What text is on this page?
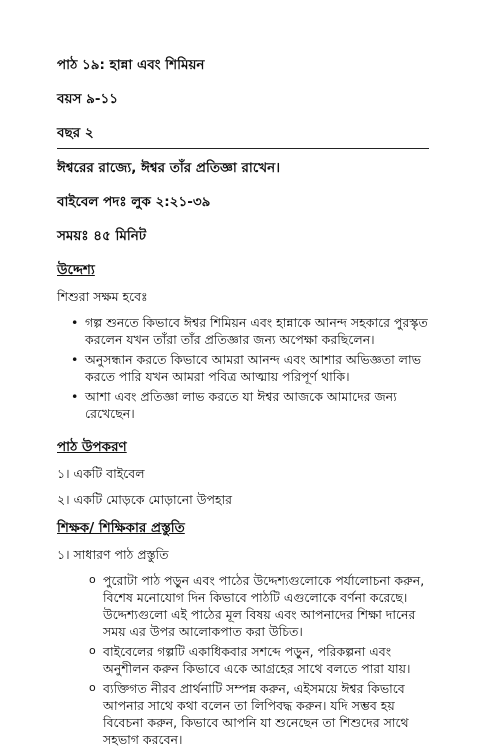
পাঠ ১৯: হান্না এবং শিমিয়ন

বয়স ৯-১১

বছর ২

ঈশ্বরের রাজ্যে, ঈশ্বর তাঁর প্রতিজ্ঞা রাখেন।

বাইবেল পদঃ লুক ২:২১-৩৯

সময়ঃ ৪৫ মিনিট

উদ্দেশ্য

শিশুরা সক্ষম হবেঃ

• গল্প শুনতে কিভাবে ঈশ্বর শিমিয়ন এবং হান্নাকে আনন্দ সহকারে পুরস্কৃত করলেন যখন তাঁরা তাঁর প্রতিজ্ঞার জন্য অপেক্ষা করছিলেন।
• অনুসন্ধান করতে কিভাবে আমরা আনন্দ এবং আশার অভিজ্ঞতা লাভ করতে পারি যখন আমরা পবিত্র আত্মায় পরিপূর্ণ থাকি।
• আশা এবং প্রতিজ্ঞা লাভ করতে যা ঈশ্বর আজকে আমাদের জন্য রেখেছেন।

পাঠ উপকরণ

১। একটি বাইবেল

২। একটি মোড়কে মোড়ানো উপহার

শিক্ষক/ শিক্ষিকার প্রস্তুতি

১। সাধারণ পাঠ প্রস্তুতি

o পুরোটা পাঠ পড়ুন এবং পাঠের উদ্দেশ্যগুলোকে পর্যালোচনা করুন, বিশেষ মনোযোগ দিন কিভাবে পাঠটি এগুলোকে বর্ণনা করেছে। উদ্দেশ্যগুলো এই পাঠের মূল বিষয় এবং আপনাদের শিক্ষা দানের সময় এর উপর আলোকপাত করা উচিত।
o বাইবেলের গল্পটি একাধিকবার সশব্দে পড়ুন, পরিকল্পনা এবং অনুশীলন করুন কিভাবে একে আগ্রহের সাথে বলতে পারা যায়।
o ব্যক্তিগত নীরব প্রার্থনাটি সম্পন্ন করুন, এইসময়ে ঈশ্বর কিভাবে আপনার সাথে কথা বলেন তা লিপিবদ্ধ করুন। যদি সম্ভব হয় বিবেচনা করুন, কিভাবে আপনি যা শুনেছেন তা শিশুদের সাথে সহভাগ করবেন।
